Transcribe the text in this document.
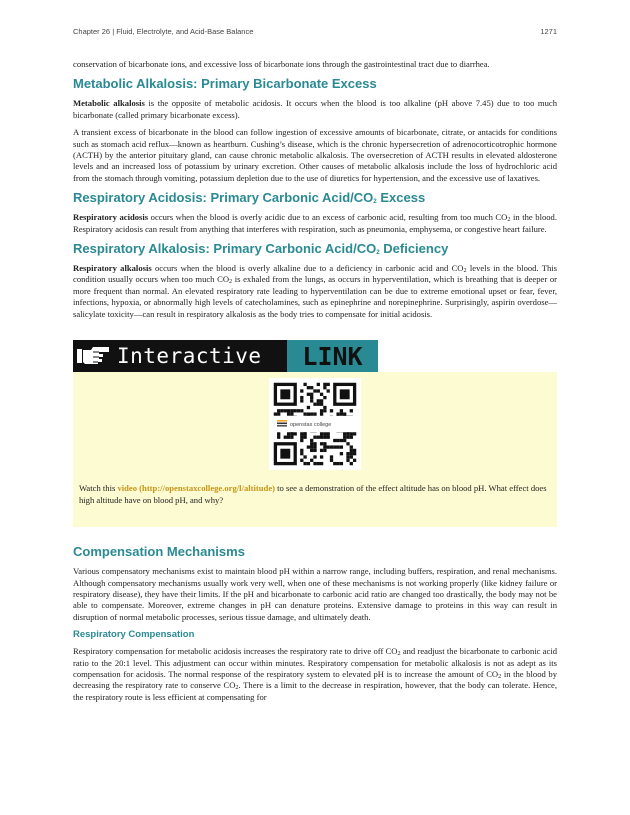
Chapter 26 | Fluid, Electrolyte, and Acid-Base Balance	1271

conservation of bicarbonate ions, and excessive loss of bicarbonate ions through the gastrointestinal tract due to diarrhea.

Metabolic Alkalosis: Primary Bicarbonate Excess

Metabolic alkalosis is the opposite of metabolic acidosis. It occurs when the blood is too alkaline (pH above 7.45) due to too much bicarbonate (called primary bicarbonate excess).

A transient excess of bicarbonate in the blood can follow ingestion of excessive amounts of bicarbonate, citrate, or antacids for conditions such as stomach acid reflux—known as heartburn. Cushing’s disease, which is the chronic hypersecretion of adrenocorticotrophic hormone (ACTH) by the anterior pituitary gland, can cause chronic metabolic alkalosis. The oversecretion of ACTH results in elevated aldosterone levels and an increased loss of potassium by urinary excretion. Other causes of metabolic alkalosis include the loss of hydrochloric acid from the stomach through vomiting, potassium depletion due to the use of diuretics for hypertension, and the excessive use of laxatives.

Respiratory Acidosis: Primary Carbonic Acid/$CO_2$ Excess

Respiratory acidosis occurs when the blood is overly acidic due to an excess of carbonic acid, resulting from too much $CO_2$ in the blood. Respiratory acidosis can result from anything that interferes with respiration, such as pneumonia, emphysema, or congestive heart failure.

Respiratory Alkalosis: Primary Carbonic Acid/$CO_2$ Deficiency

Respiratory alkalosis occurs when the blood is overly alkaline due to a deficiency in carbonic acid and $CO_2$ levels in the blood. This condition usually occurs when too much $CO_2$ is exhaled from the lungs, as occurs in hyperventilation, which is breathing that is deeper or more frequent than normal. An elevated respiratory rate leading to hyperventilation can be due to extreme emotional upset or fear, fever, infections, hypoxia, or abnormally high levels of catecholamines, such as epinephrine and norepinephrine. Surprisingly, aspirin overdose—salicylate toxicity—can result in respiratory alkalosis as the body tries to compensate for initial acidosis.

Interactive	LINK
openstax college
Watch this video (http://openstaxcollege.org/l/altitude) to see a demonstration of the effect altitude has on blood pH. What effect does high altitude have on blood pH, and why?
Compensation Mechanisms

Various compensatory mechanisms exist to maintain blood pH within a narrow range, including buffers, respiration, and renal mechanisms. Although compensatory mechanisms usually work very well, when one of these mechanisms is not working properly (like kidney failure or respiratory disease), they have their limits. If the pH and bicarbonate to carbonic acid ratio are changed too drastically, the body may not be able to compensate. Moreover, extreme changes in pH can denature proteins. Extensive damage to proteins in this way can result in disruption of normal metabolic processes, serious tissue damage, and ultimately death.

Respiratory Compensation

Respiratory compensation for metabolic acidosis increases the respiratory rate to drive off $CO_2$ and readjust the bicarbonate to carbonic acid ratio to the 20:1 level. This adjustment can occur within minutes. Respiratory compensation for metabolic alkalosis is not as adept as its compensation for acidosis. The normal response of the respiratory system to elevated pH is to increase the amount of $CO_2$ in the blood by decreasing the respiratory rate to conserve $CO_2$. There is a limit to the decrease in respiration, however, that the body can tolerate. Hence, the respiratory route is less efficient at compensating for
